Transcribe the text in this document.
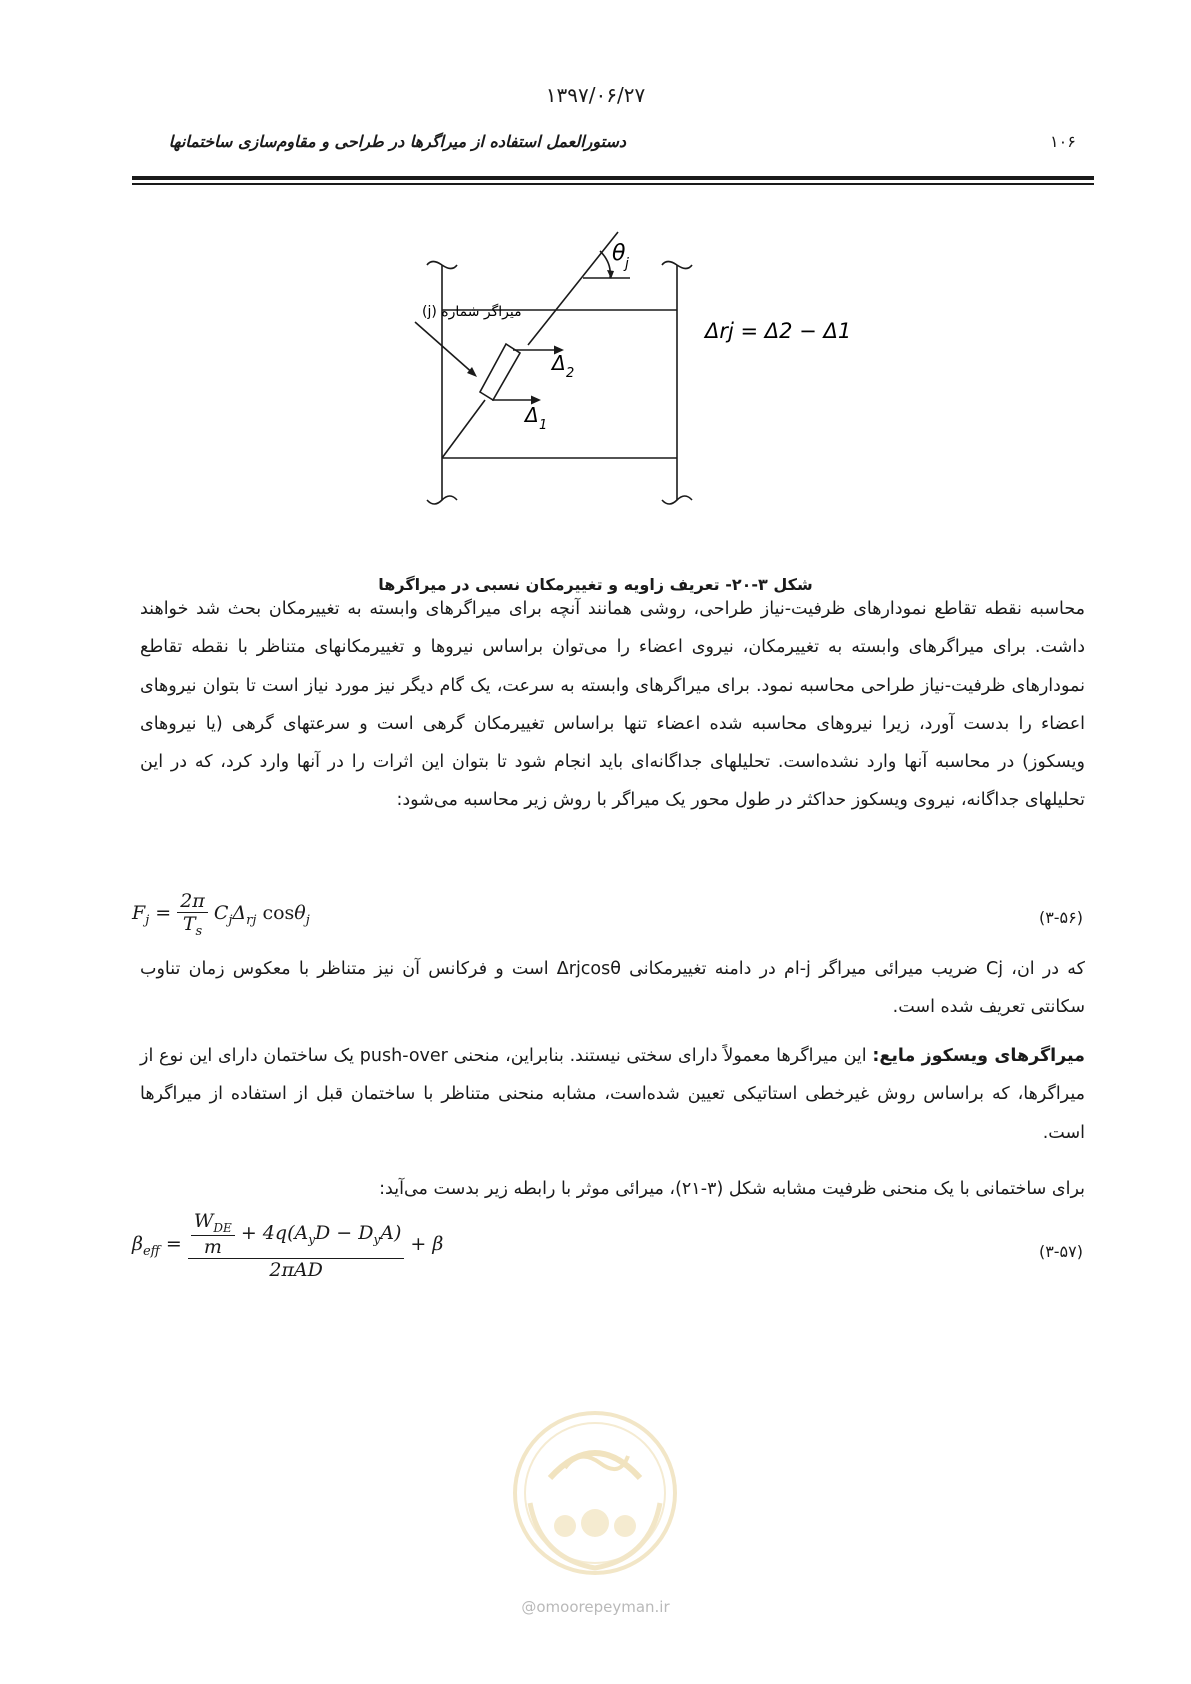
۱۳۹۷/۰۶/۲۷
دستورالعمل استفاده از میراگرها در طراحی و مقاوم‌سازی ساختمانها	۱۰۶
میراگر شماره (j)
θ j
Δ 2
Δ 1
Δrj = Δ2 − Δ1
شکل ۳-۲۰- تعریف زاویه و تغییرمکان نسبی در میراگرها

محاسبه نقطه تقاطع نمودارهای ظرفیت-نیاز طراحی، روشی همانند آنچه برای میراگرهای وابسته به تغییرمکان بحث شد خواهند داشت. برای میراگرهای وابسته به تغییرمکان، نیروی اعضاء را می‌توان براساس نیروها و تغییرمکانهای متناظر با نقطه تقاطع نمودارهای ظرفیت-نیاز طراحی محاسبه نمود. برای میراگرهای وابسته به سرعت، یک گام دیگر نیز مورد نیاز است تا بتوان نیروهای اعضاء را بدست آورد، زیرا نیروهای محاسبه شده اعضاء تنها براساس تغییرمکان گرهی است و سرعتهای گرهی (یا نیروهای ویسکوز) در محاسبه آنها وارد نشده‌است. تحلیلهای جداگانه‌ای باید انجام شود تا بتوان این اثرات را در آنها وارد کرد، که در این تحلیلهای جداگانه، نیروی ویسکوز حداکثر در طول محور یک میراگر با روش زیر محاسبه می‌شود:

$F_j = \frac{2\pi}{T_s} C_j\Delta_{rj}$ cosθ$_j$	(۳-۵۶)

که در ان، Cj ضریب میرائی میراگر j-ام در دامنه تغییرمکانی Δrjcosθ است و فرکانس آن نیز متناظر با معکوس زمان تناوب سکانتی تعریف شده است.

میراگرهای ویسکوز مایع: این میراگرها معمولاً دارای سختی نیستند. بنابراین، منحنی push-over یک ساختمان دارای این نوع از میراگرها، که براساس روش غیرخطی استاتیکی تعیین شده‌است، مشابه منحنی متناظر با ساختمان قبل از استفاده از میراگرها است.

برای ساختمانی با یک منحنی ظرفیت مشابه شکل (۳-۲۱)، میرائی موثر با رابطه زیر بدست می‌آید:

$\beta_{eff} = \frac{\frac{W_{DE}}{m} + 4q(A_yD - D_yA)}{\text{2πAD}} + \beta$	(۳-۵۷)
@omoorepeyman.ir
